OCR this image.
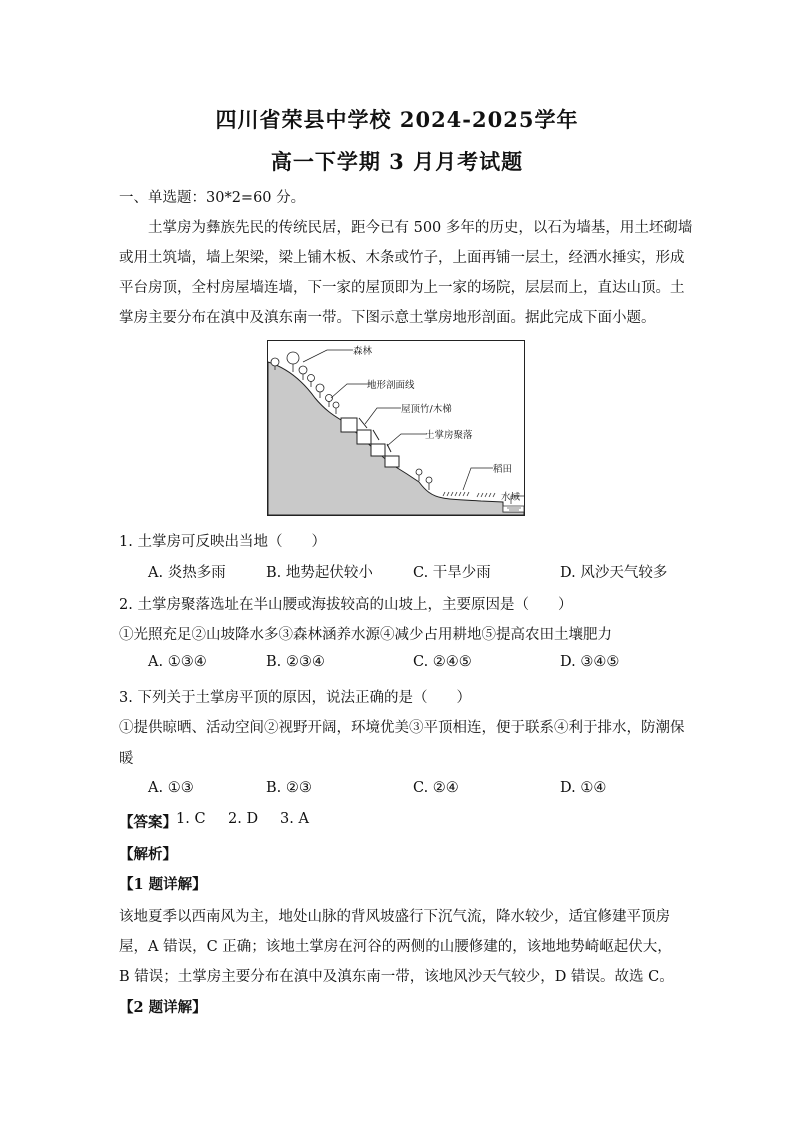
四川省荣县中学校 2024-2025学年
高一下学期 3 月月考试题
一、单选题：30*2=60 分。
土掌房为彝族先民的传统民居，距今已有 500 多年的历史，以石为墙基，用土坯砌墙
或用土筑墙，墙上架梁，梁上铺木板、木条或竹子，上面再铺一层土，经洒水捶实，形成
平台房顶，全村房屋墙连墙，下一家的屋顶即为上一家的场院，层层而上，直达山顶。土
掌房主要分布在滇中及滇东南一带。下图示意土掌房地形剖面。据此完成下面小题。
森林
地形剖面线
屋顶竹/木梯
土掌房聚落
稻田
水域
1. 土掌房可反映出当地（　　）
A. 炎热多雨	B. 地势起伏较小	C. 干旱少雨	D. 风沙天气较多
2. 土掌房聚落选址在半山腰或海拔较高的山坡上，主要原因是（　　）
①光照充足②山坡降水多③森林涵养水源④减少占用耕地⑤提高农田土壤肥力
A. ①③④	B. ②③④	C. ②④⑤	D. ③④⑤
3. 下列关于土掌房平顶的原因，说法正确的是（　　）
①提供晾晒、活动空间②视野开阔，环境优美③平顶相连，便于联系④利于排水，防潮保
暖
A. ①③	B. ②③	C. ②④	D. ①④
【答案】 1. C 2. D 3. A
【解析】
【1 题详解】
该地夏季以西南风为主，地处山脉的背风坡盛行下沉气流，降水较少，适宜修建平顶房
屋，A 错误，C 正确；该地土掌房在河谷的两侧的山腰修建的，该地地势崎岖起伏大，
B 错误；土掌房主要分布在滇中及滇东南一带，该地风沙天气较少，D 错误。故选 C。
【2 题详解】
